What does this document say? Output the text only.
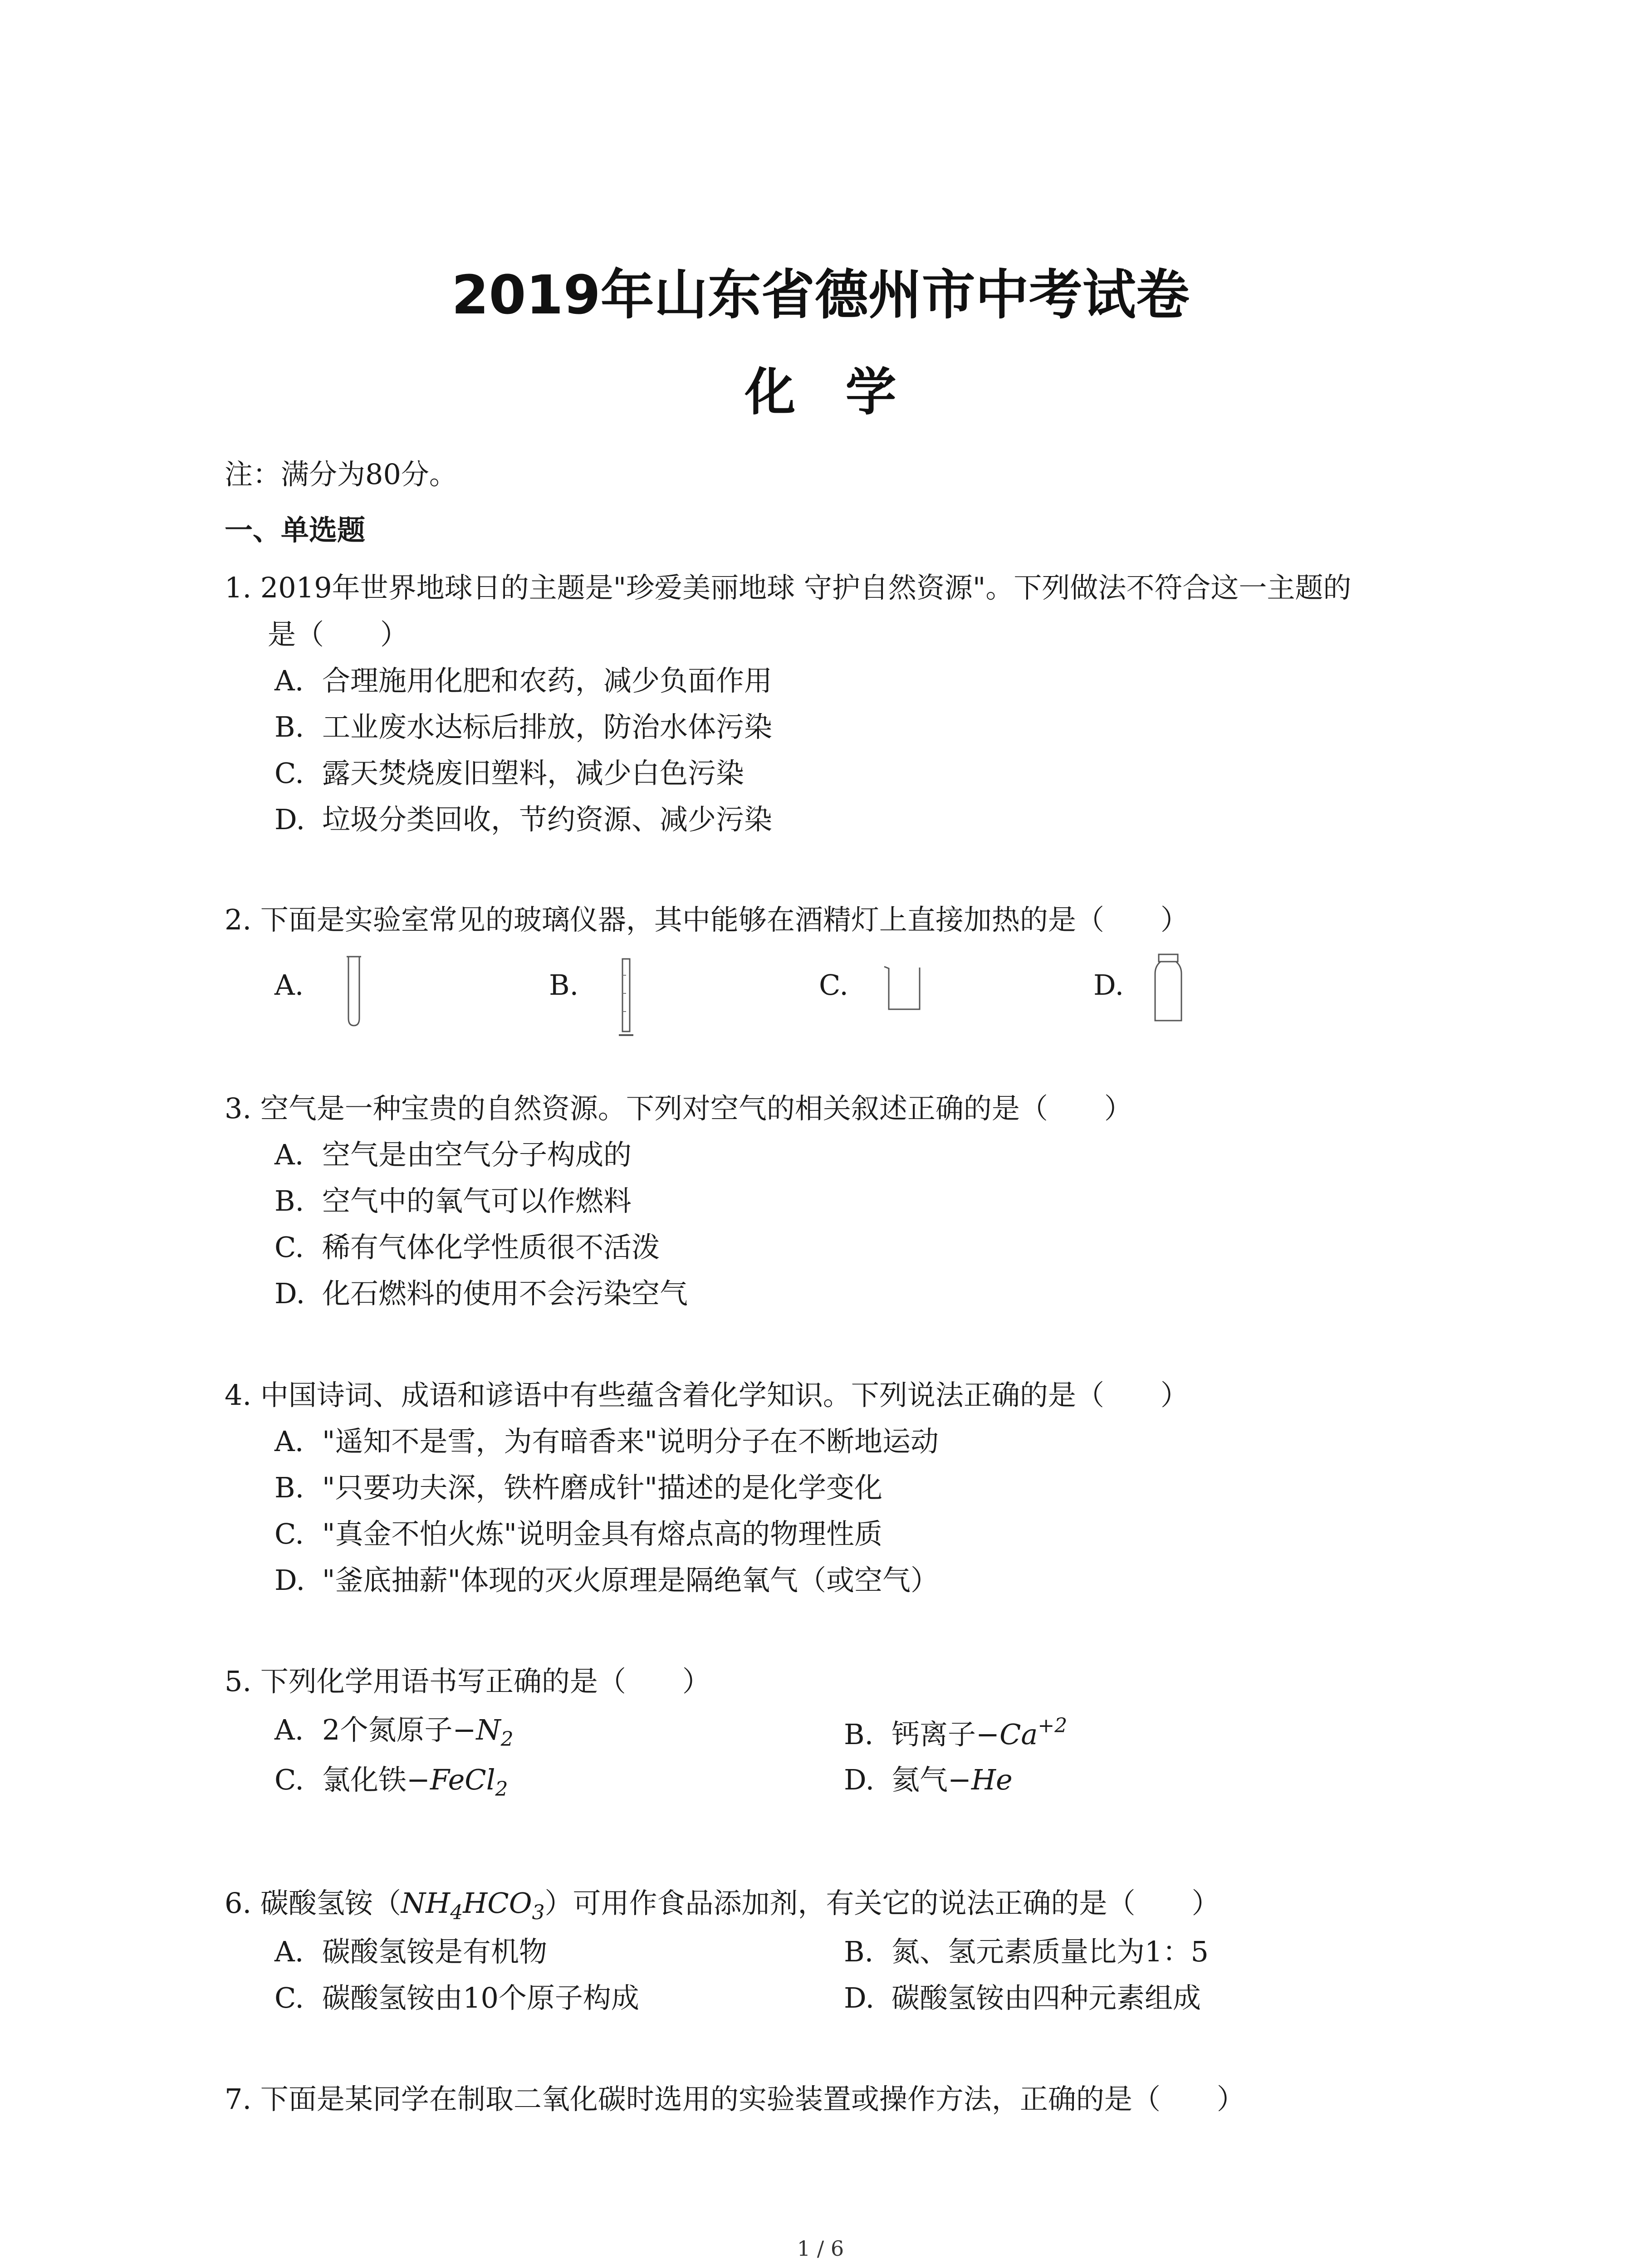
2019年山东省德州市中考试卷
化学
注：满分为80分。
一、单选题
1. 2019年世界地球日的主题是"珍爱美丽地球 守护自然资源"。下列做法不符合这一主题的
是（　　）
A. 合理施用化肥和农药，减少负面作用
B. 工业废水达标后排放，防治水体污染
C. 露天焚烧废旧塑料，减少白色污染
D. 垃圾分类回收，节约资源、减少污染
2. 下面是实验室常见的玻璃仪器，其中能够在酒精灯上直接加热的是（　　）
A.	B.	C.	D.
3. 空气是一种宝贵的自然资源。下列对空气的相关叙述正确的是（　　）
A. 空气是由空气分子构成的
B. 空气中的氧气可以作燃料
C. 稀有气体化学性质很不活泼
D. 化石燃料的使用不会污染空气
4. 中国诗词、成语和谚语中有些蕴含着化学知识。下列说法正确的是（　　）
A. "遥知不是雪，为有暗香来"说明分子在不断地运动
B. "只要功夫深，铁杵磨成针"描述的是化学变化
C. "真金不怕火炼"说明金具有熔点高的物理性质
D. "釜底抽薪"体现的灭火原理是隔绝氧气（或空气）
5. 下列化学用语书写正确的是（　　）
A. 2个氮原子$-N_2$	B. 钙离子$-Ca^{+2}$
C. 氯化铁−FeCl$_2$	D. 氦气−He
6. 碳酸氢铵$(NH_4HCO_3)$可用作食品添加剂，有关它的说法正确的是（　　）
A. 碳酸氢铵是有机物	B. 氮、氢元素质量比为1：5
C. 碳酸氢铵由10个原子构成	D. 碳酸氢铵由四种元素组成
7. 下面是某同学在制取二氧化碳时选用的实验装置或操作方法，正确的是（　　）
1 / 6
